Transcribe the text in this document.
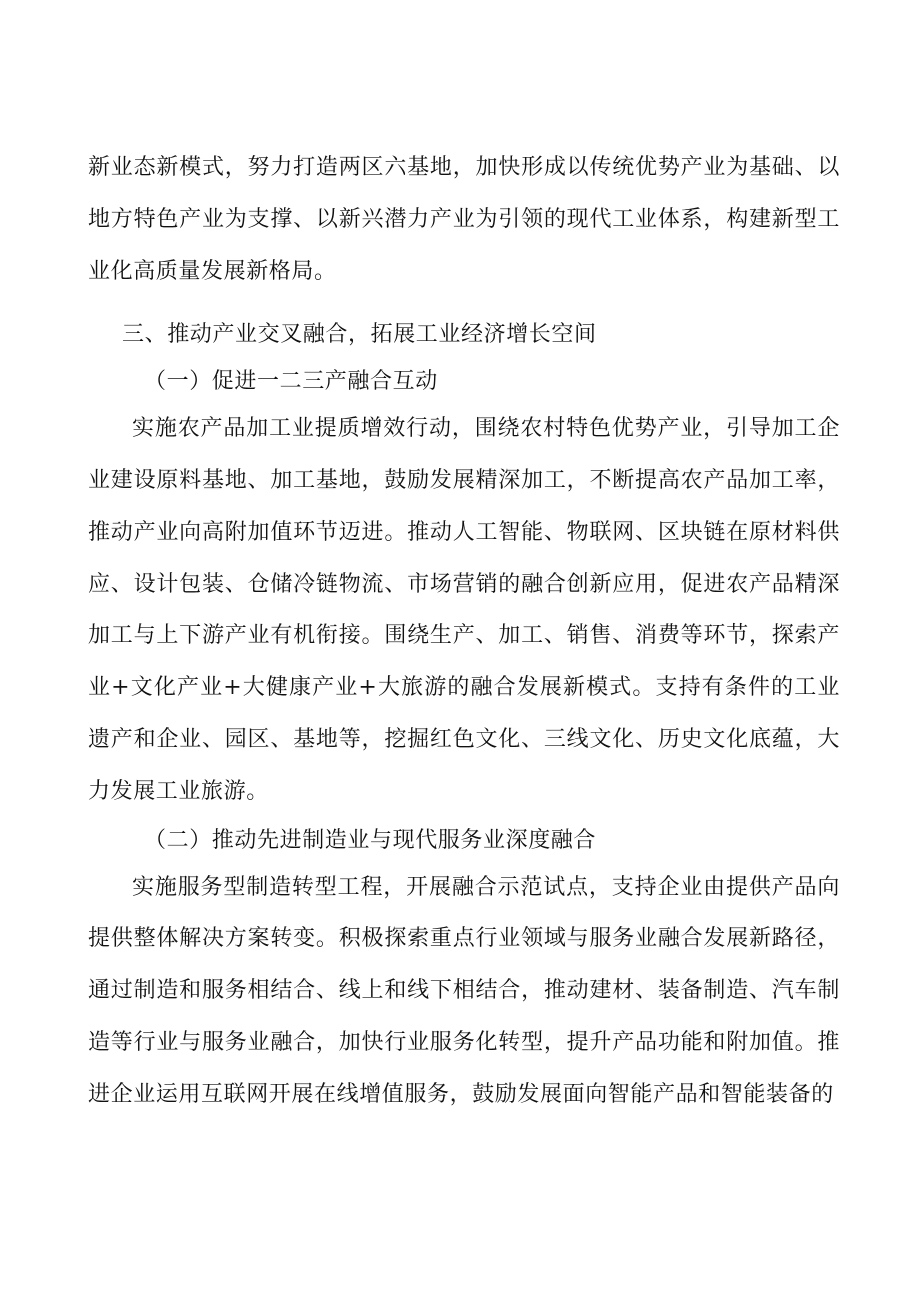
新业态新模式，努力打造两区六基地，加快形成以传统优势产业为基础、以地方特色产业为支撑、以新兴潜力产业为引领的现代工业体系，构建新型工业化高质量发展新格局。

三、推动产业交叉融合，拓展工业经济增长空间

（一）促进一二三产融合互动

实施农产品加工业提质增效行动，围绕农村特色优势产业，引导加工企业建设原料基地、加工基地，鼓励发展精深加工，不断提高农产品加工率，推动产业向高附加值环节迈进。推动人工智能、物联网、区块链在原材料供应、设计包装、仓储冷链物流、市场营销的融合创新应用，促进农产品精深加工与上下游产业有机衔接。围绕生产、加工、销售、消费等环节，探索产业+文化产业+大健康产业+大旅游的融合发展新模式。支持有条件的工业遗产和企业、园区、基地等，挖掘红色文化、三线文化、历史文化底蕴，大力发展工业旅游。

（二）推动先进制造业与现代服务业深度融合

实施服务型制造转型工程，开展融合示范试点，支持企业由提供产品向提供整体解决方案转变。积极探索重点行业领域与服务业融合发展新路径，通过制造和服务相结合、线上和线下相结合，推动建材、装备制造、汽车制造等行业与服务业融合，加快行业服务化转型，提升产品功能和附加值。推进企业运用互联网开展在线增值服务，鼓励发展面向智能产品和智能装备的
